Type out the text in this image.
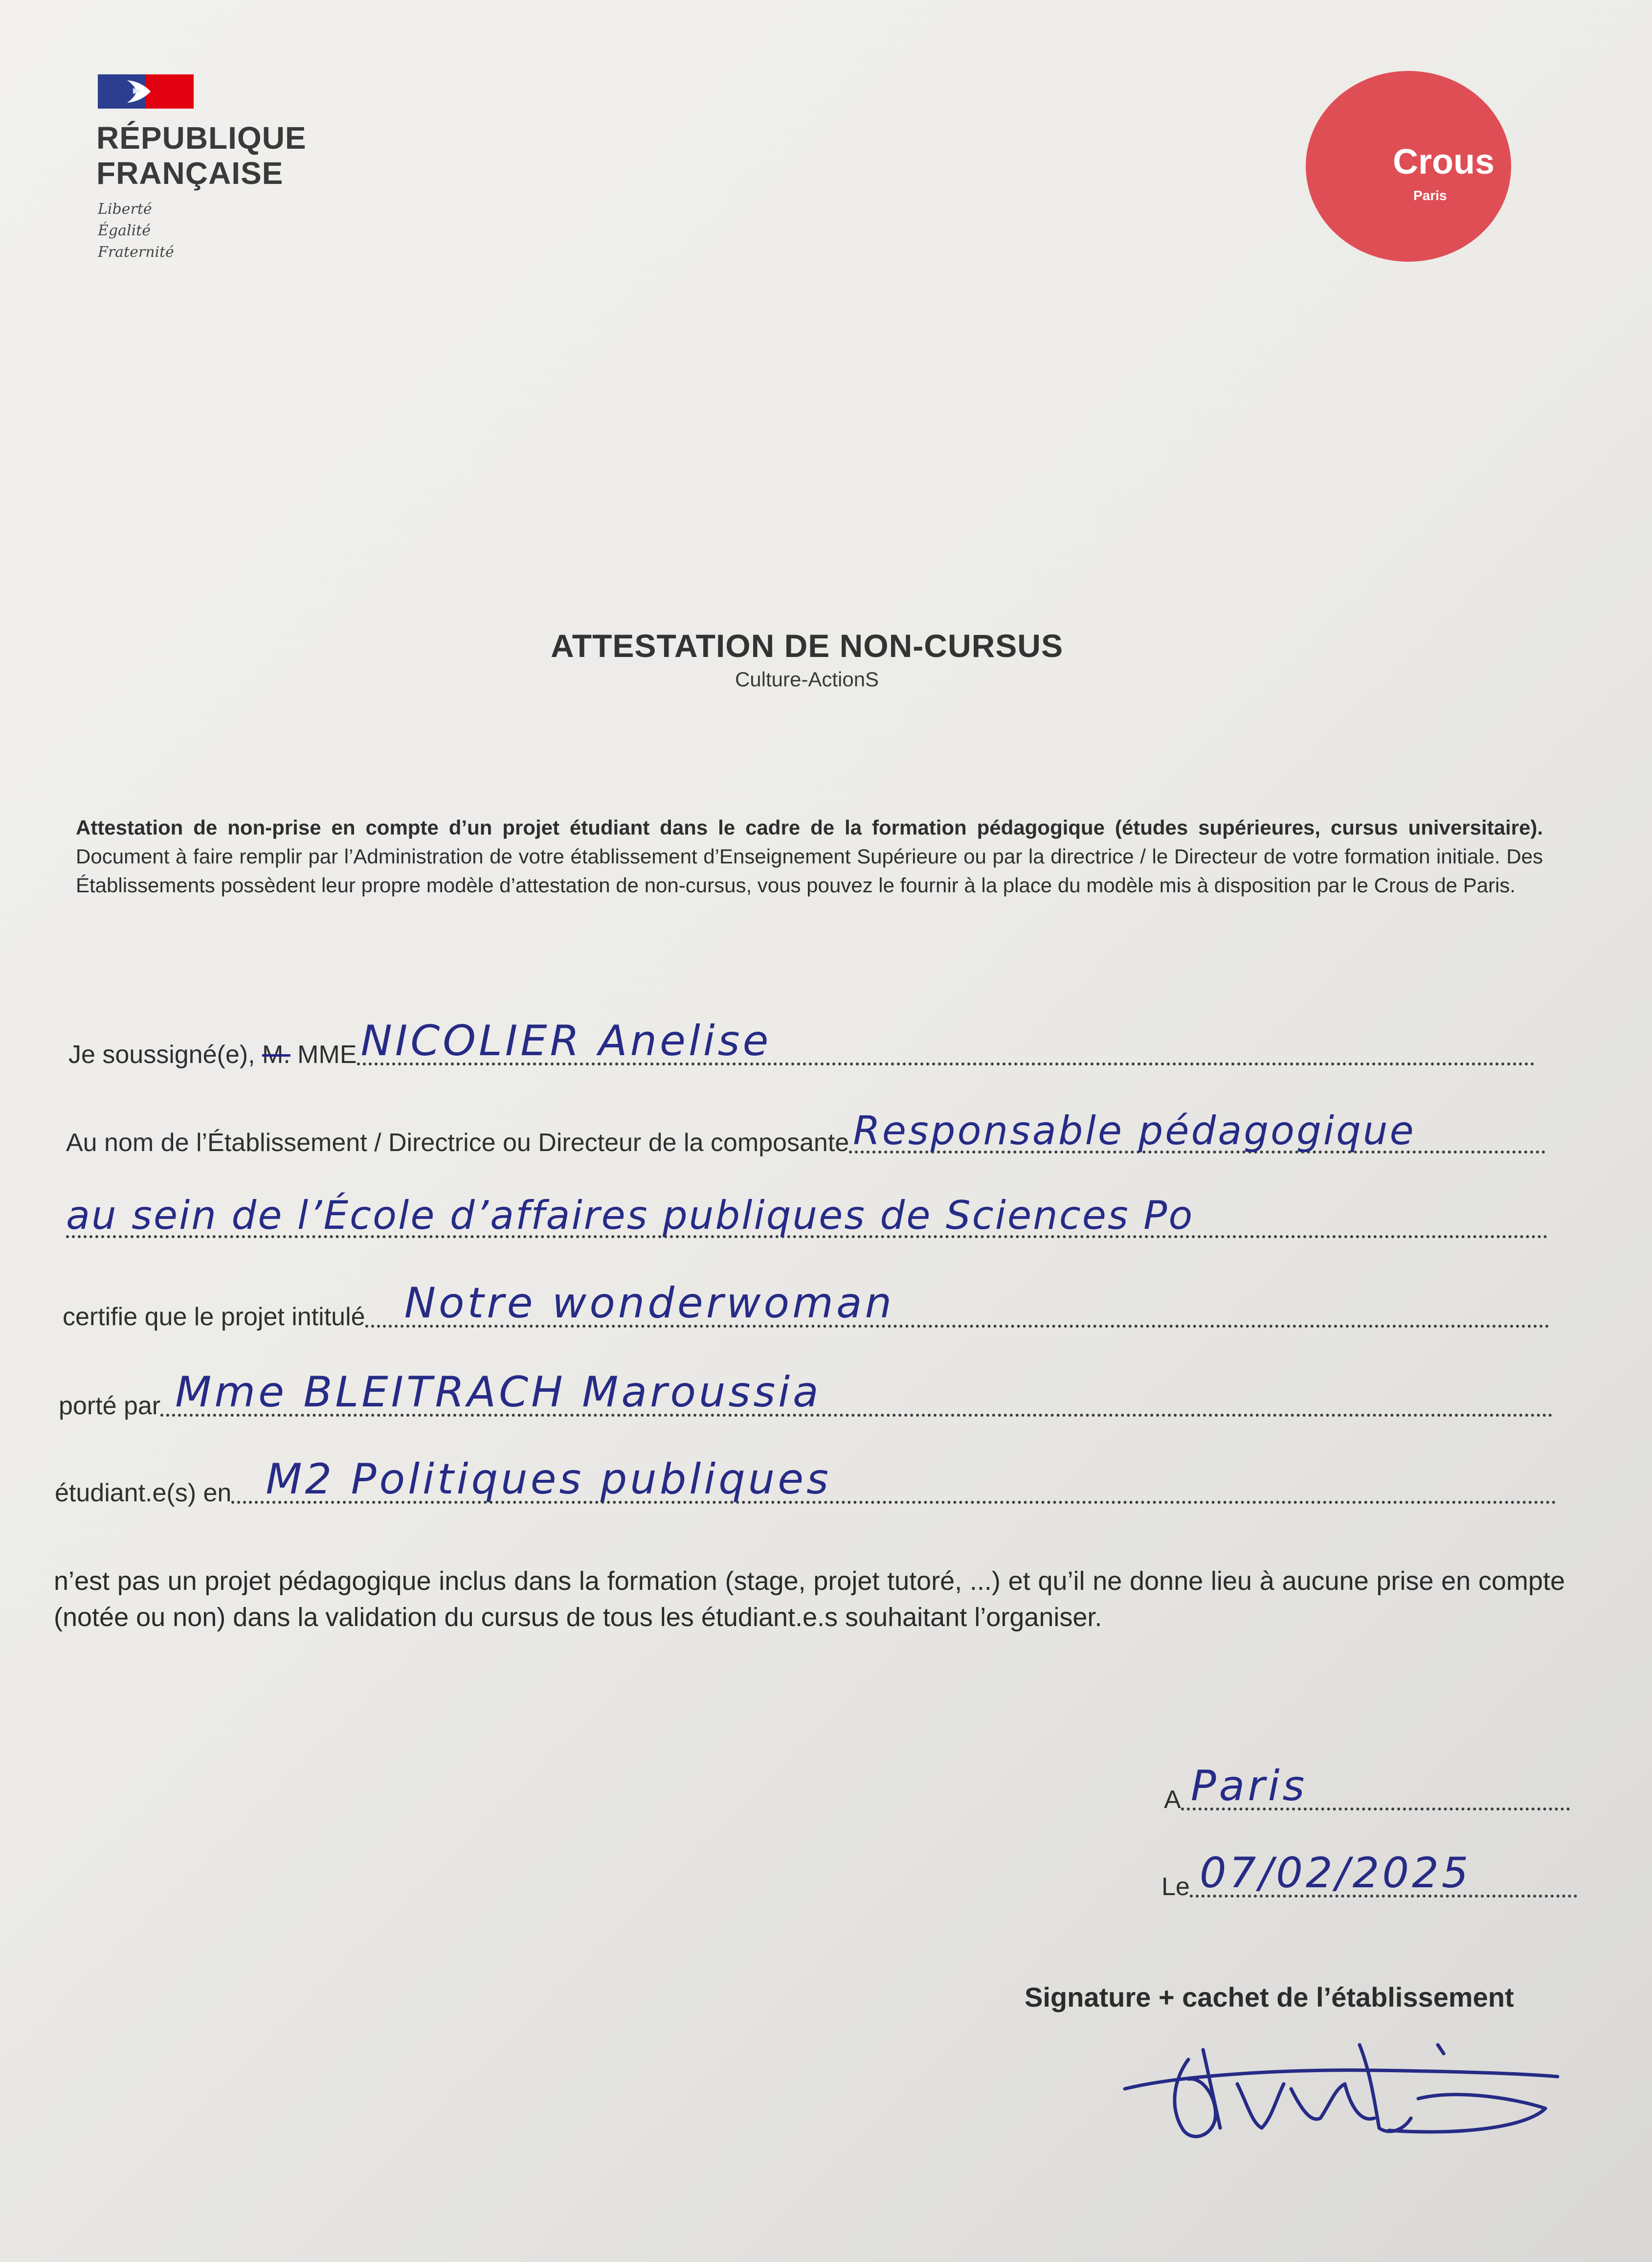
RÉPUBLIQUE
FRANÇAISE
Liberté
Égalité
Fraternité
Crous
Paris
ATTESTATION DE NON-CURSUS
Culture-ActionS
Attestation de non-prise en compte d’un projet étudiant dans le cadre de la formation pédagogique (études supérieures, cursus universitaire). Document à faire remplir par l’Administration de votre établissement d’Enseignement Supérieure ou par la directrice / le Directeur de votre formation initiale. Des Établissements possèdent leur propre modèle d’attestation de non-cursus, vous pouvez le fournir à la place du modèle mis à disposition par le Crous de Paris.
Je soussigné(e), M. MME NICOLIER Anelise
Au nom de l’Établissement / Directrice ou Directeur de la composante Responsable pédagogique
au sein de l’École d’affaires publiques de Sciences Po
certifie que le projet intitulé Notre wonderwoman
porté par Mme BLEITRACH Maroussia
étudiant.e(s) en M2 Politiques publiques
n’est pas un projet pédagogique inclus dans la formation (stage, projet tutoré, ...) et qu’il ne donne lieu à aucune prise en compte (notée ou non) dans la validation du cursus de tous les étudiant.e.s souhaitant l’organiser.
A Paris
Le 07/02/2025
Signature + cachet de l’établissement
